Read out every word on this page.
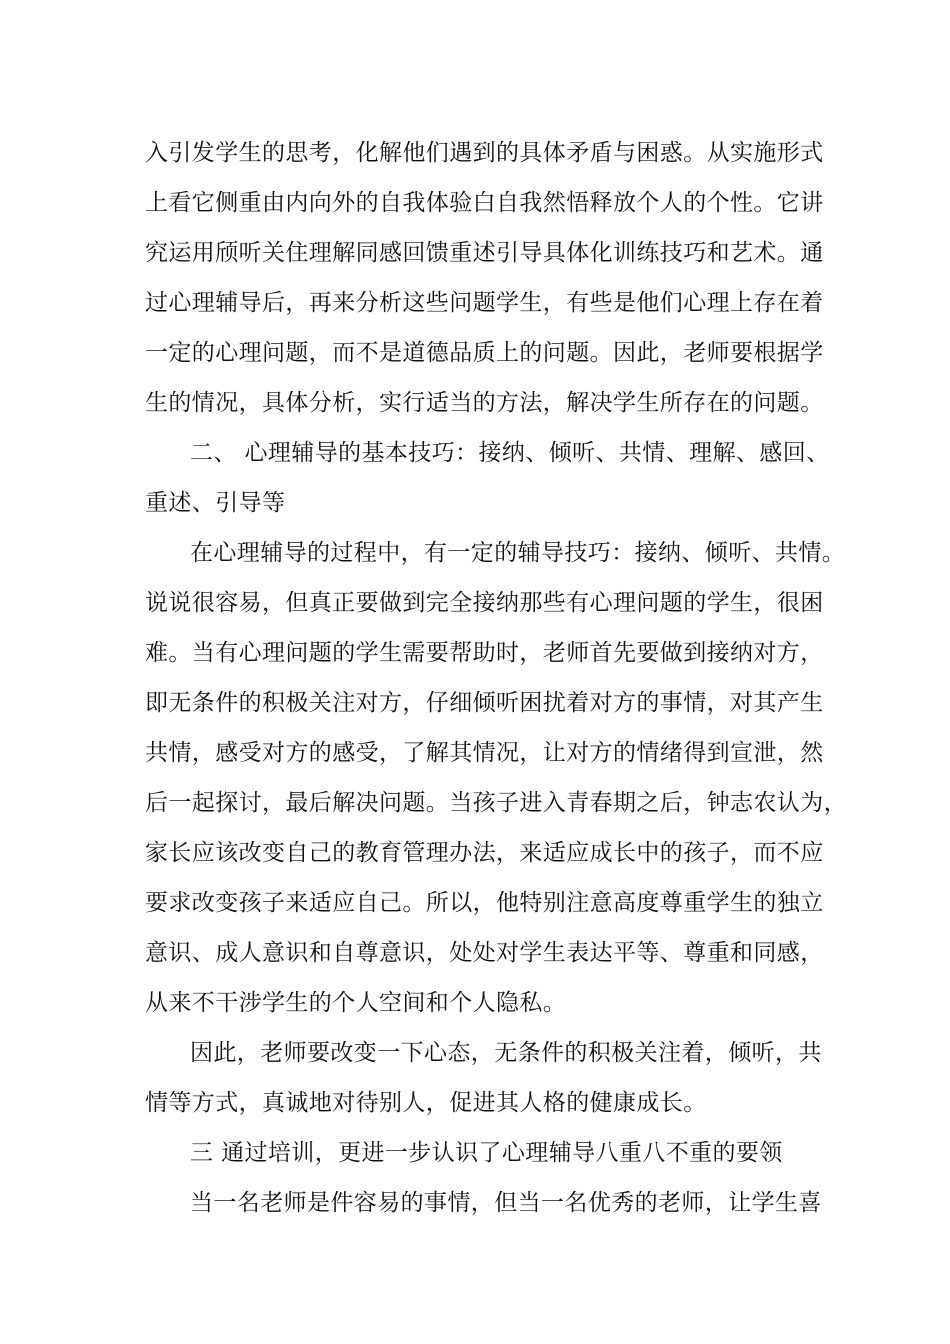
入引发学生的思考，化解他们遇到的具体矛盾与困惑。从实施形式
上看它侧重由内向外的自我体验白自我然悟释放个人的个性。它讲
究运用颀听关住理解同感回馈重述引导具体化训练技巧和艺术。通
过心理辅导后，再来分析这些问题学生，有些是他们心理上存在着
一定的心理问题，而不是道德品质上的问题。因此，老师要根据学
生的情况，具体分析，实行适当的方法，解决学生所存在的问题。
二、 心理辅导的基本技巧：接纳、倾听、共情、理解、感回、
重述、引导等
在心理辅导的过程中，有一定的辅导技巧：接纳、倾听、共情。
说说很容易，但真正要做到完全接纳那些有心理问题的学生，很困
难。当有心理问题的学生需要帮助时，老师首先要做到接纳对方，
即无条件的积极关注对方，仔细倾听困扰着对方的事情，对其产生
共情，感受对方的感受，了解其情况，让对方的情绪得到宣泄，然
后一起探讨，最后解决问题。当孩子进入青春期之后，钟志农认为，
家长应该改变自己的教育管理办法，来适应成长中的孩子，而不应
要求改变孩子来适应自己。所以，他特别注意高度尊重学生的独立
意识、成人意识和自尊意识，处处对学生表达平等、尊重和同感，
从来不干涉学生的个人空间和个人隐私。
因此，老师要改变一下心态，无条件的积极关注着，倾听，共
情等方式，真诚地对待别人，促进其人格的健康成长。
三 通过培训，更进一步认识了心理辅导八重八不重的要领
当一名老师是件容易的事情，但当一名优秀的老师，让学生喜
